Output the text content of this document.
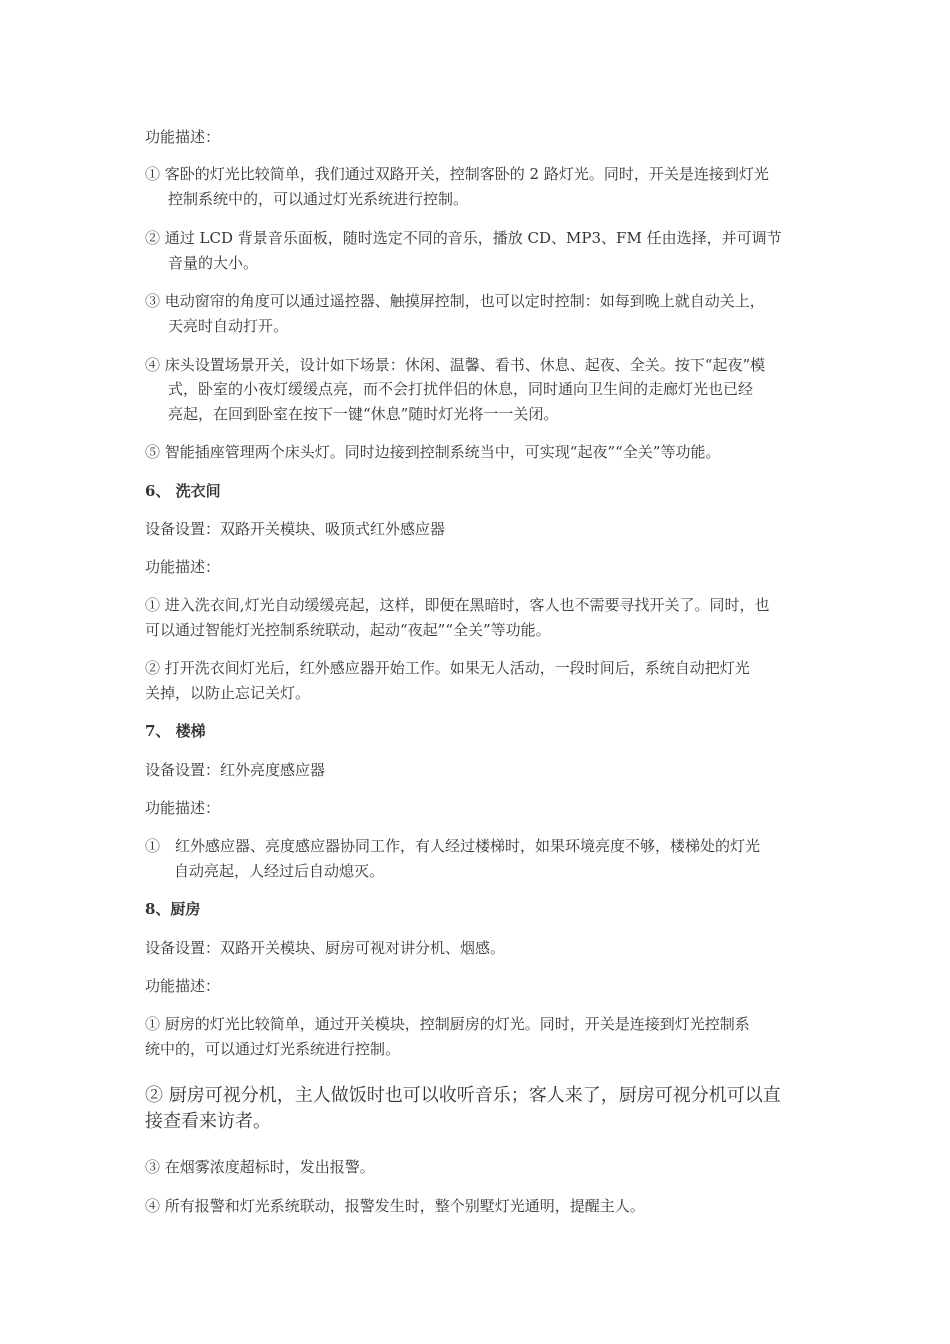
功能描述：
① 客卧的灯光比较简单，我们通过双路开关，控制客卧的 2 路灯光。同时，开关是连接到灯光
控制系统中的，可以通过灯光系统进行控制。
② 通过 LCD 背景音乐面板，随时选定不同的音乐，播放 CD、MP3、FM 任由选择，并可调节
音量的大小。
③ 电动窗帘的角度可以通过遥控器、触摸屏控制，也可以定时控制：如每到晚上就自动关上，
天亮时自动打开。
④ 床头设置场景开关，设计如下场景：休闲、温馨、看书、休息、起夜、全关。按下“起夜”模
式，卧室的小夜灯缓缓点亮，而不会打扰伴侣的休息，同时通向卫生间的走廊灯光也已经
亮起，在回到卧室在按下一键“休息”随时灯光将一一关闭。
⑤ 智能插座管理两个床头灯。同时边接到控制系统当中，可实现“起夜”“全关”等功能。
6、 洗衣间
设备设置：双路开关模块、吸顶式红外感应器
功能描述：
① 进入洗衣间,灯光自动缓缓亮起，这样，即便在黑暗时，客人也不需要寻找开关了。同时，也
可以通过智能灯光控制系统联动，起动“夜起”“全关”等功能。
② 打开洗衣间灯光后，红外感应器开始工作。如果无人活动，一段时间后，系统自动把灯光
关掉，以防止忘记关灯。
7、 楼梯
设备设置：红外亮度感应器
功能描述：
①　红外感应器、亮度感应器协同工作，有人经过楼梯时，如果环境亮度不够，楼梯处的灯光
自动亮起，人经过后自动熄灭。
8、厨房
设备设置：双路开关模块、厨房可视对讲分机、烟感。
功能描述：
① 厨房的灯光比较简单，通过开关模块，控制厨房的灯光。同时，开关是连接到灯光控制系
统中的，可以通过灯光系统进行控制。
② 厨房可视分机，主人做饭时也可以收听音乐；客人来了，厨房可视分机可以直
接查看来访者。
③ 在烟雾浓度超标时，发出报警。
④ 所有报警和灯光系统联动，报警发生时，整个别墅灯光通明，提醒主人。
